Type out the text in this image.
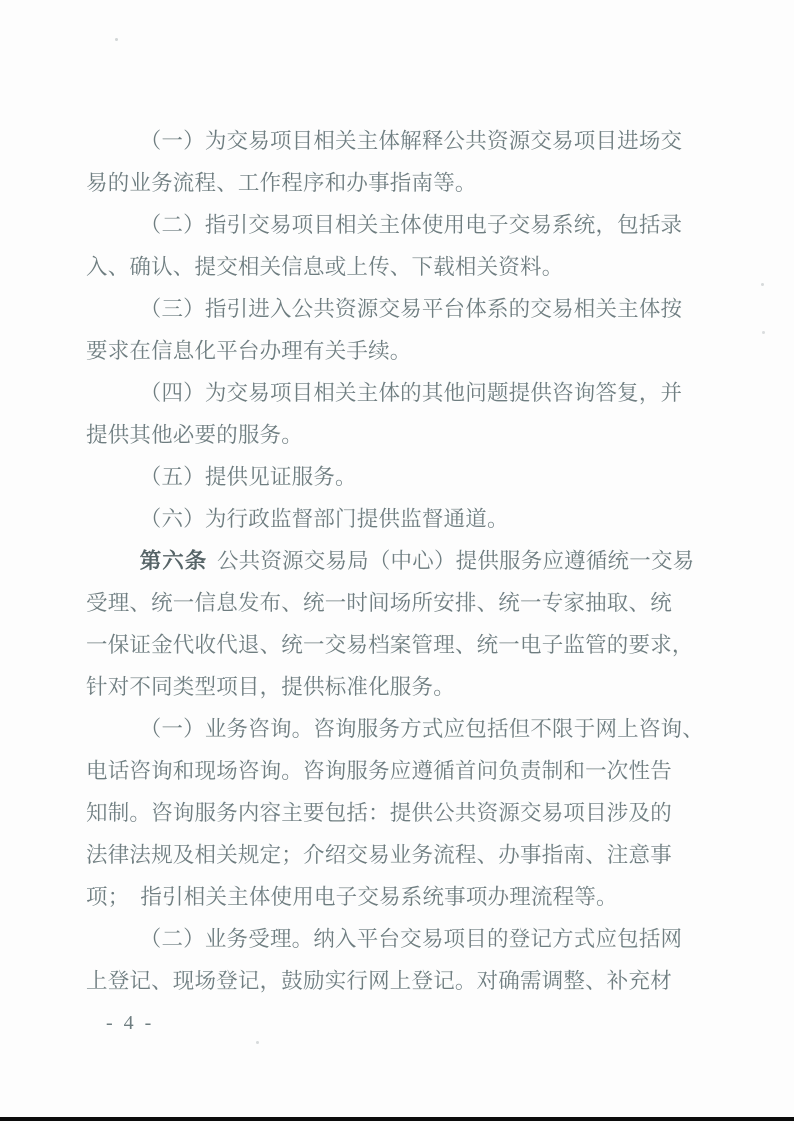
（一）为交易项目相关主体解释公共资源交易项目进场交
易的业务流程、工作程序和办事指南等。
（二）指引交易项目相关主体使用电子交易系统，包括录
入、确认、提交相关信息或上传、下载相关资料。
（三）指引进入公共资源交易平台体系的交易相关主体按
要求在信息化平台办理有关手续。
（四）为交易项目相关主体的其他问题提供咨询答复，并
提供其他必要的服务。
（五）提供见证服务。
（六）为行政监督部门提供监督通道。
第六条 公共资源交易局（中心）提供服务应遵循统一交易
受理、统一信息发布、统一时间场所安排、统一专家抽取、统
一保证金代收代退、统一交易档案管理、统一电子监管的要求，
针对不同类型项目，提供标准化服务。
（一）业务咨询。咨询服务方式应包括但不限于网上咨询、
电话咨询和现场咨询。咨询服务应遵循首问负责制和一次性告
知制。咨询服务内容主要包括：提供公共资源交易项目涉及的
法律法规及相关规定；介绍交易业务流程、办事指南、注意事
项；　指引相关主体使用电子交易系统事项办理流程等。
（二）业务受理。纳入平台交易项目的登记方式应包括网
上登记、现场登记，鼓励实行网上登记。对确需调整、补充材
- 4 -
